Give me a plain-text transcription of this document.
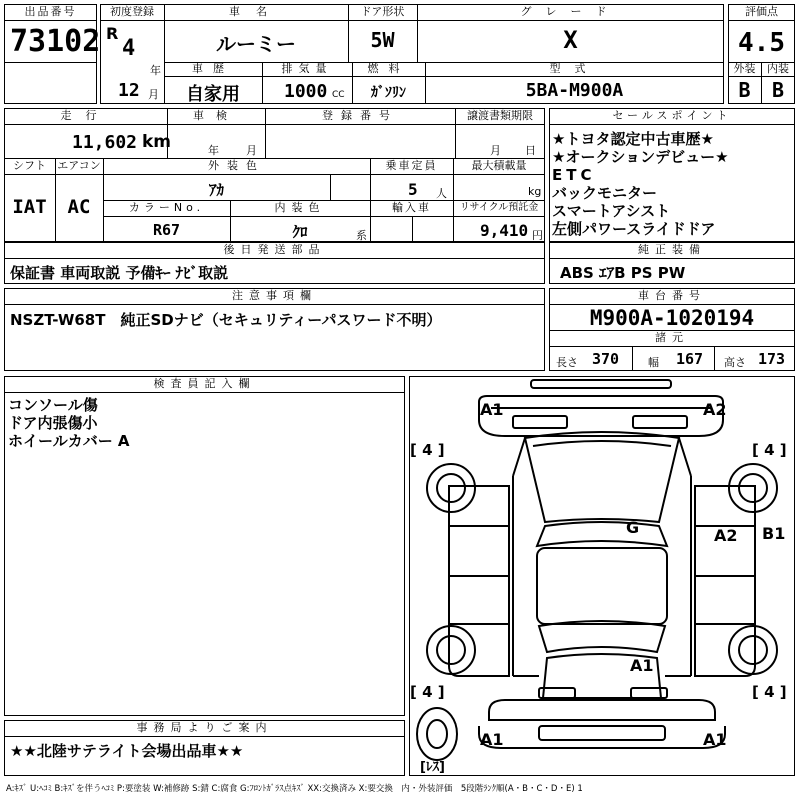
出品番号
73102
初度登録
R
4
年
12 月
車名
ルーミー
ドア形状
5W
グレード
X
車歴
自家用
排気量
1000 CC
燃料
ｶﾞｿﾘﾝ
型式
5BA-M900A
評価点
4.5
外装	内装
B	B
走行
11,602 km
車検
年 月
登録番号	譲渡書類期限
月 日
シフト
IAT
エアコン
AC
外装色
ｱｶ
乗車定員
5 人
最大積載量
kg
カラーNo.
R67
内装色
ｸﾛ	系
輸入車	リサイクル預託金
9,410 円
セールスポイント
★トヨタ認定中古車歴★
★オークションデビュー★
ETC
バックモニター
スマートアシスト
左側パワースライドドア
後日発送部品
保証書 車両取説 予備ｷｰ ﾅﾋﾞ取説
純正装備
ABS ｴｱB PS PW
注意事項欄
NSZT-W68T　純正SDナビ（セキュリティーパスワード不明）
車台番号
M900A-1020194
諸元
長さ 370	幅 167 高さ 173
検査員記入欄
コンソール傷
ドア内張傷小
ホイールカバー A
事務局よりご案内
★★北陸サテライト会場出品車★★
A1	A2
[ 4 ]	[ 4 ]
G	A2 B1
A1
[ 4 ]	[ 4 ]
A1	A1
[ﾚｽ]
A:ｷｽﾞ U:ﾍｺﾐ B:ｷｽﾞを伴うﾍｺﾐ P:要塗装 W:補修跡 S:錆 C:腐食 G:ﾌﾛﾝﾄｶﾞﾗｽ点ｷｽﾞ XX:交換済み X:要交換　内・外装評価　5段階ﾗﾝｸ順(A・B・C・D・E) 1
